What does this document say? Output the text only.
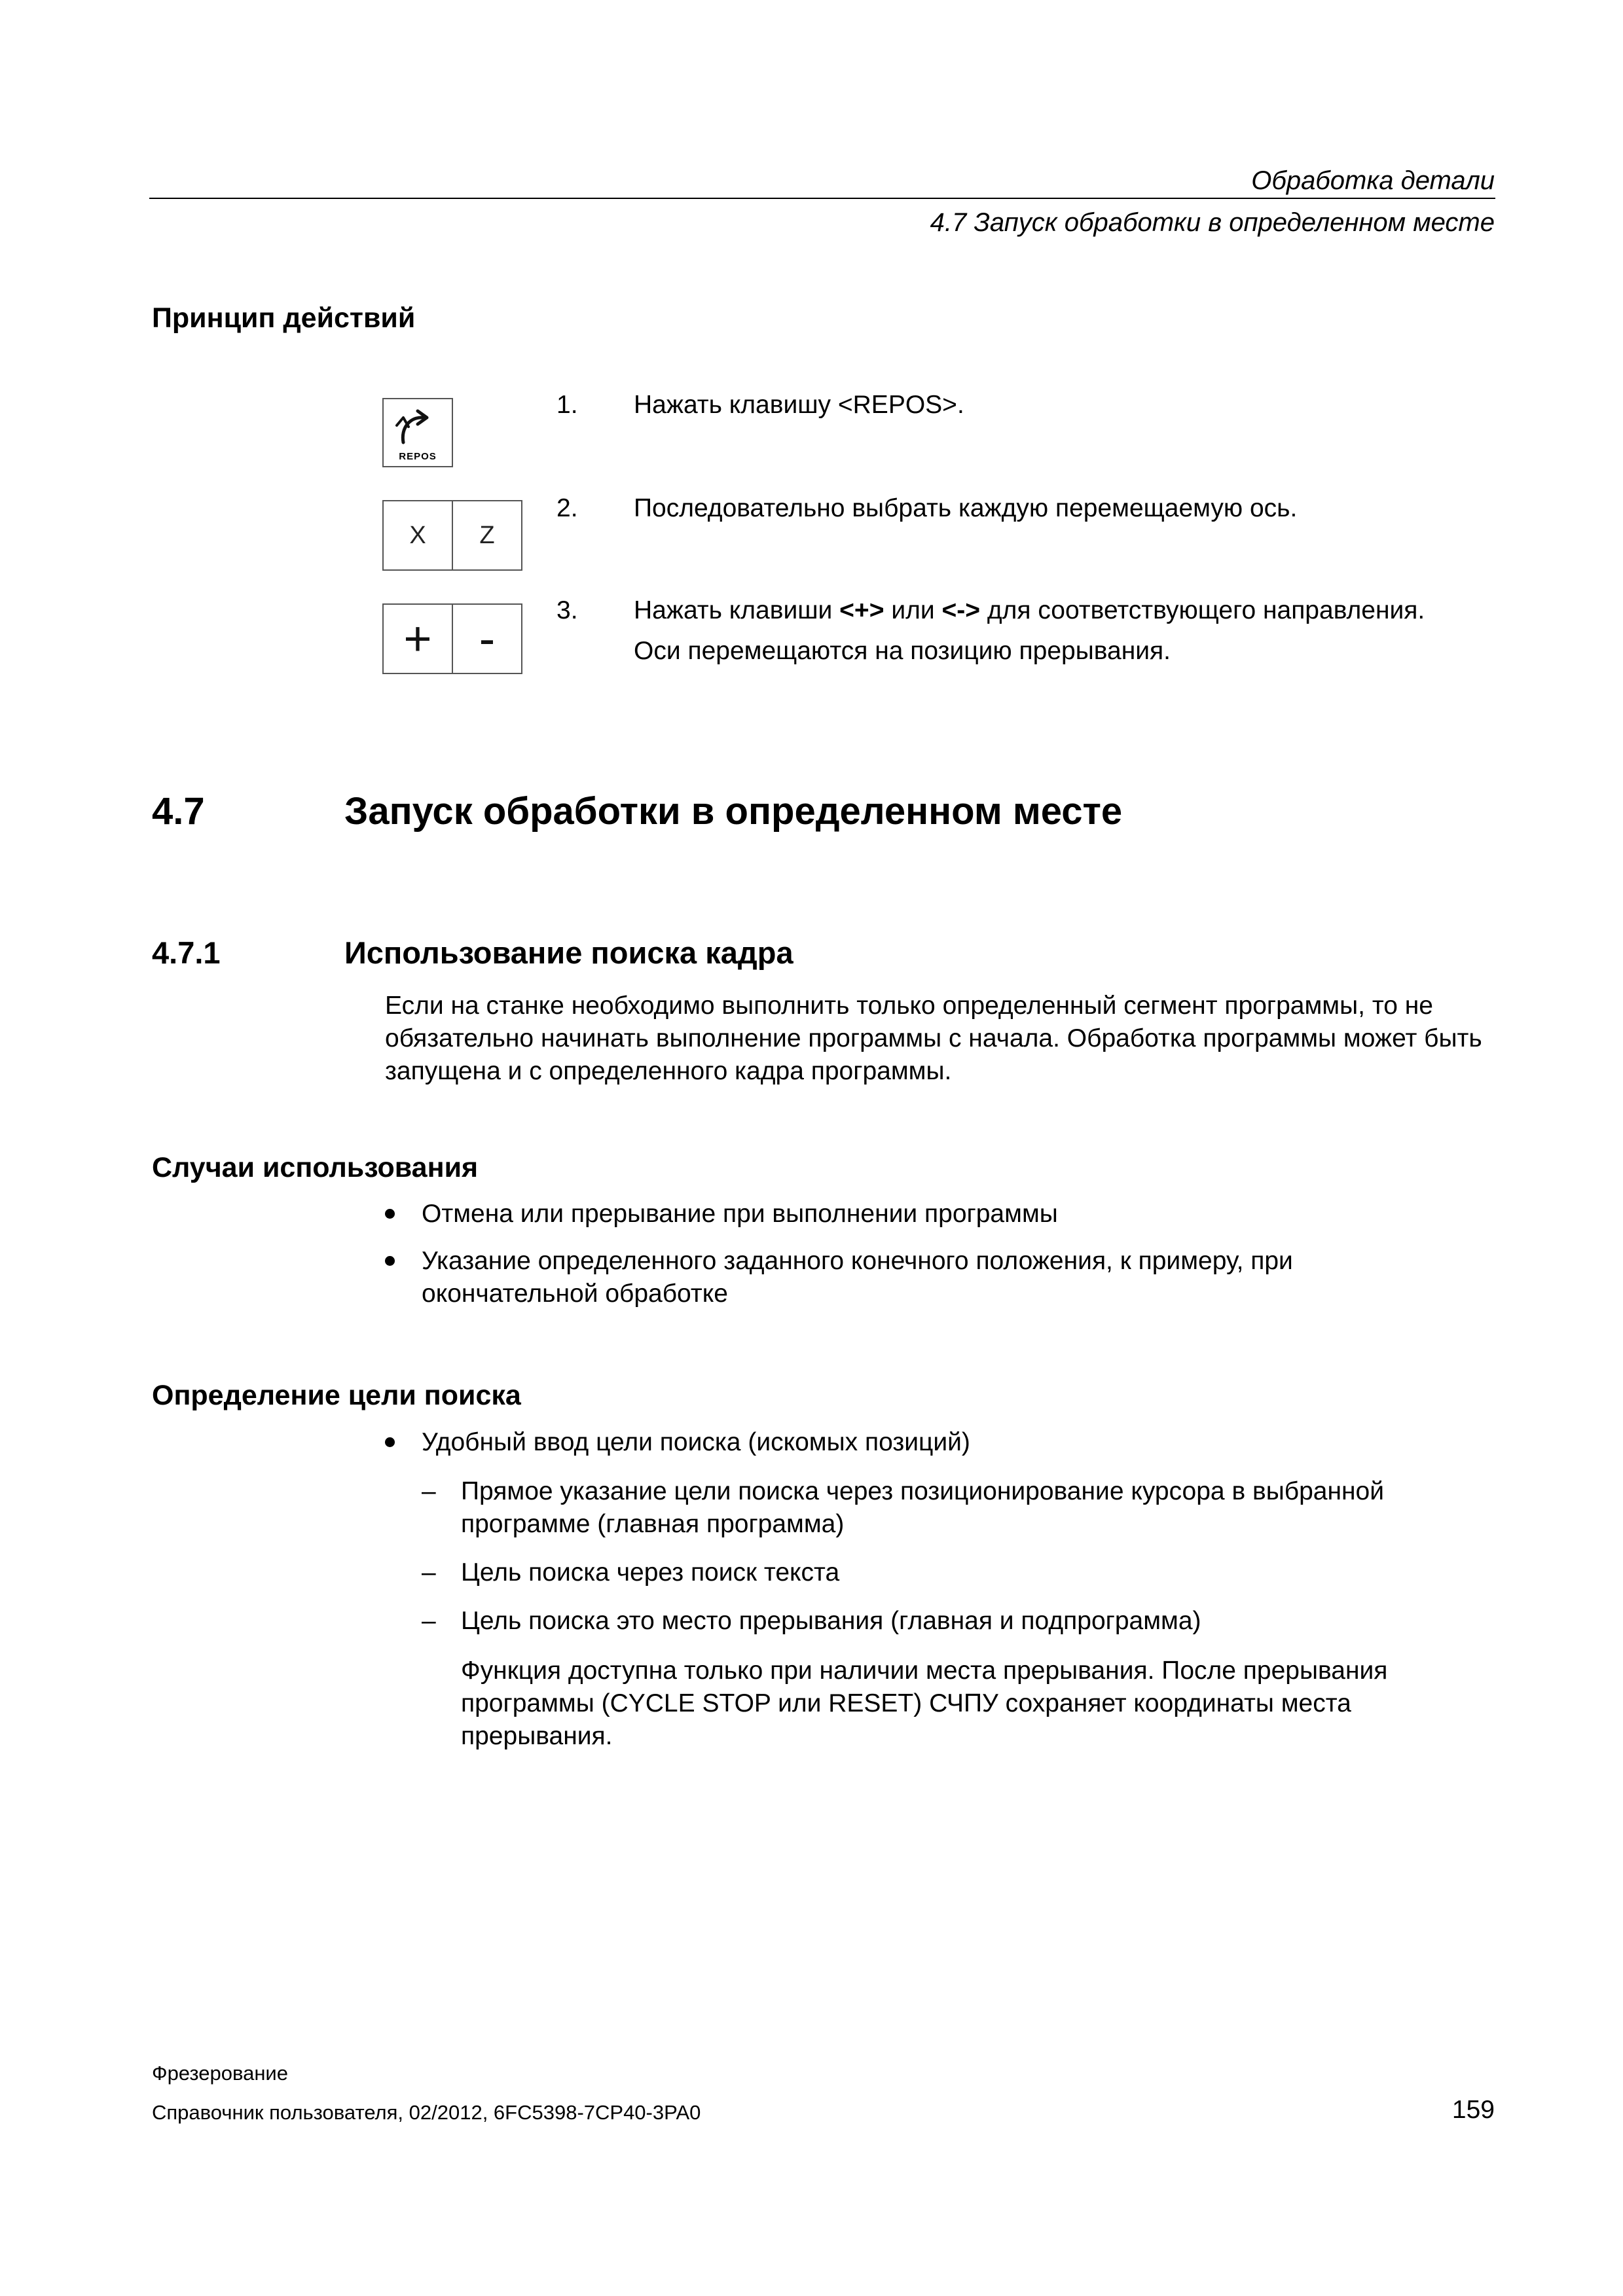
Обработка детали
4.7 Запуск обработки в определенном месте
Принцип действий
REPOS
X	Z
+ -
1. Нажать клавишу <REPOS>.
2. Последовательно выбрать каждую перемещаемую ось.
3. Нажать клавиши <+> или <-> для соответствующего направления.
Оси перемещаются на позицию прерывания.
4.7	Запуск обработки в определенном месте
4.7.1	Использование поиска кадра
Если на станке необходимо выполнить только определенный сегмент программы, то не обязательно начинать выполнение программы с начала. Обработка программы может быть запущена и с определенного кадра программы.
Случаи использования
Отмена или прерывание при выполнении программы
Указание определенного заданного конечного положения, к примеру, при окончательной обработке
Определение цели поиска
Удобный ввод цели поиска (искомых позиций)
– Прямое указание цели поиска через позиционирование курсора в выбранной программе (главная программа)
– Цель поиска через поиск текста
– Цель поиска это место прерывания (главная и подпрограмма)
Функция доступна только при наличии места прерывания. После прерывания программы (CYCLE STOP или RESET) СЧПУ сохраняет координаты места прерывания.
Фрезерование
Справочник пользователя, 02/2012, 6FC5398-7CP40-3PA0	159
